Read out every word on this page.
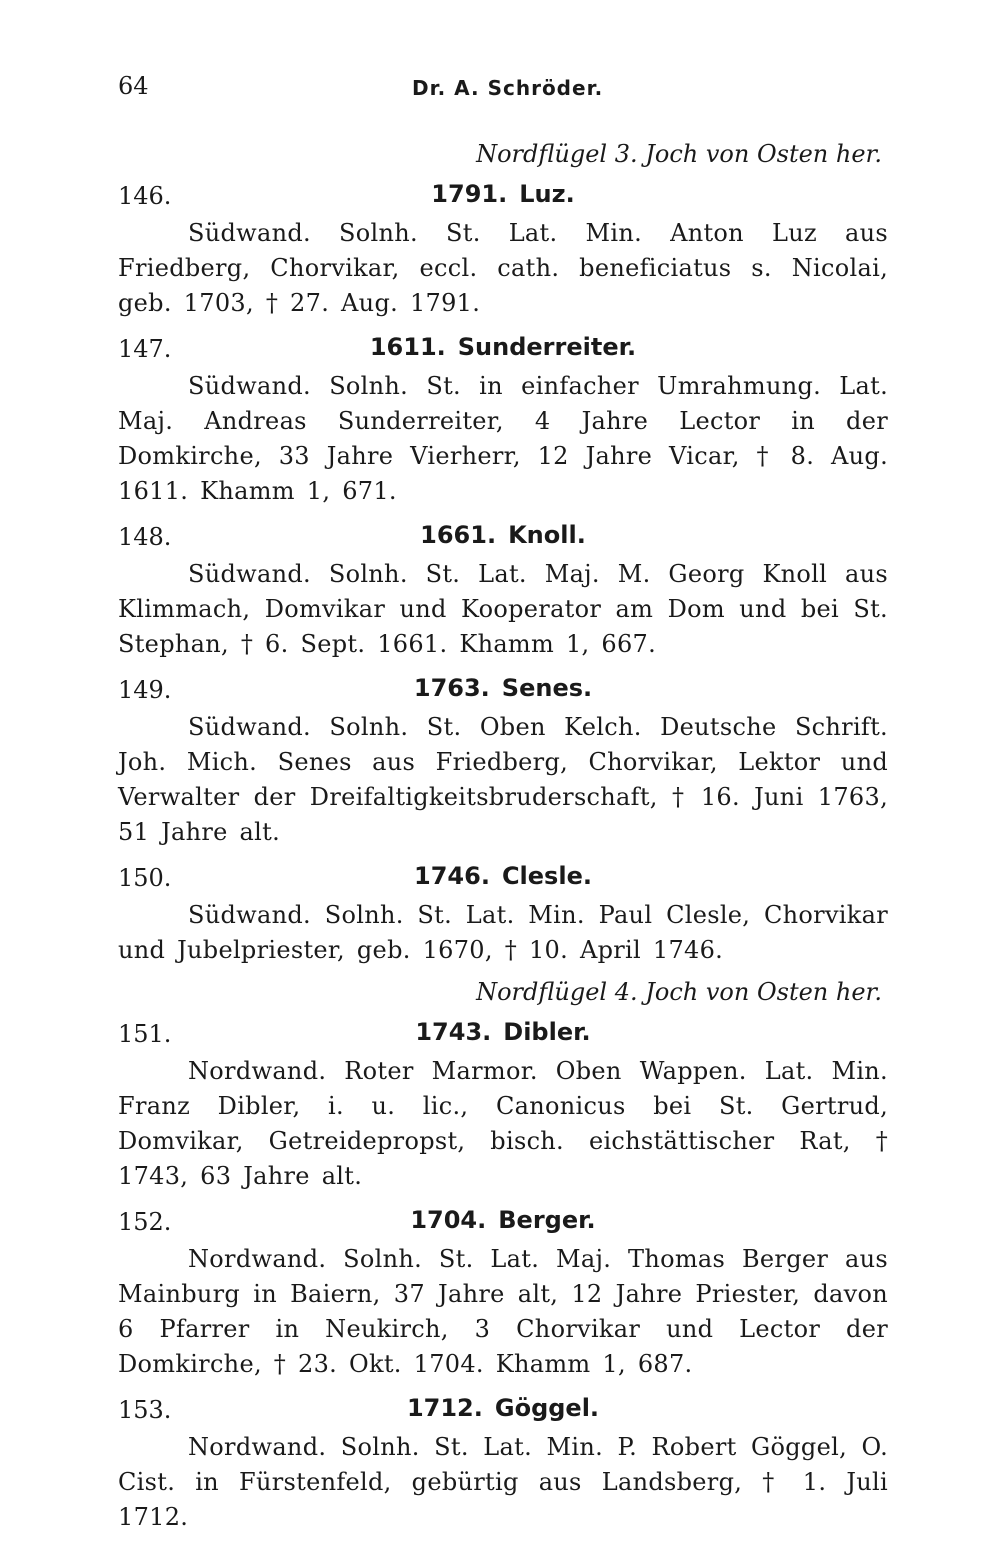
64	Dr. A. Schröder.
Nordflügel 3. Joch von Osten her.
146.	1791. Luz.
Südwand. Solnh. St. Lat. Min. Anton Luz aus Friedberg, Chorvikar, eccl. cath. beneficiatus s. Nicolai, geb. 1703, † 27. Aug. 1791.
147.	1611. Sunderreiter.
Südwand. Solnh. St. in einfacher Umrahmung. Lat. Maj. Andreas Sunderreiter, 4 Jahre Lector in der Domkirche, 33 Jahre Vierherr, 12 Jahre Vicar, † 8. Aug. 1611. Khamm 1, 671.
148.	1661. Knoll.
Südwand. Solnh. St. Lat. Maj. M. Georg Knoll aus Klimmach, Domvikar und Kooperator am Dom und bei St. Stephan, † 6. Sept. 1661. Khamm 1, 667.
149.	1763. Senes.
Südwand. Solnh. St. Oben Kelch. Deutsche Schrift. Joh. Mich. Senes aus Friedberg, Chorvikar, Lektor und Verwalter der Dreifaltigkeitsbruderschaft, † 16. Juni 1763, 51 Jahre alt.
150.	1746. Clesle.
Südwand. Solnh. St. Lat. Min. Paul Clesle, Chorvikar und Jubelpriester, geb. 1670, † 10. April 1746.
Nordflügel 4. Joch von Osten her.
151.	1743. Dibler.
Nordwand. Roter Marmor. Oben Wappen. Lat. Min. Franz Dibler, i. u. lic., Canonicus bei St. Gertrud, Domvikar, Getreidepropst, bisch. eichstättischer Rat, † 1743, 63 Jahre alt.
152.	1704. Berger.
Nordwand. Solnh. St. Lat. Maj. Thomas Berger aus Mainburg in Baiern, 37 Jahre alt, 12 Jahre Priester, davon 6 Pfarrer in Neukirch, 3 Chorvikar und Lector der Domkirche, † 23. Okt. 1704. Khamm 1, 687.
153.	1712. Göggel.
Nordwand. Solnh. St. Lat. Min. P. Robert Göggel, O. Cist. in Fürstenfeld, gebürtig aus Landsberg, † 1. Juli 1712.
